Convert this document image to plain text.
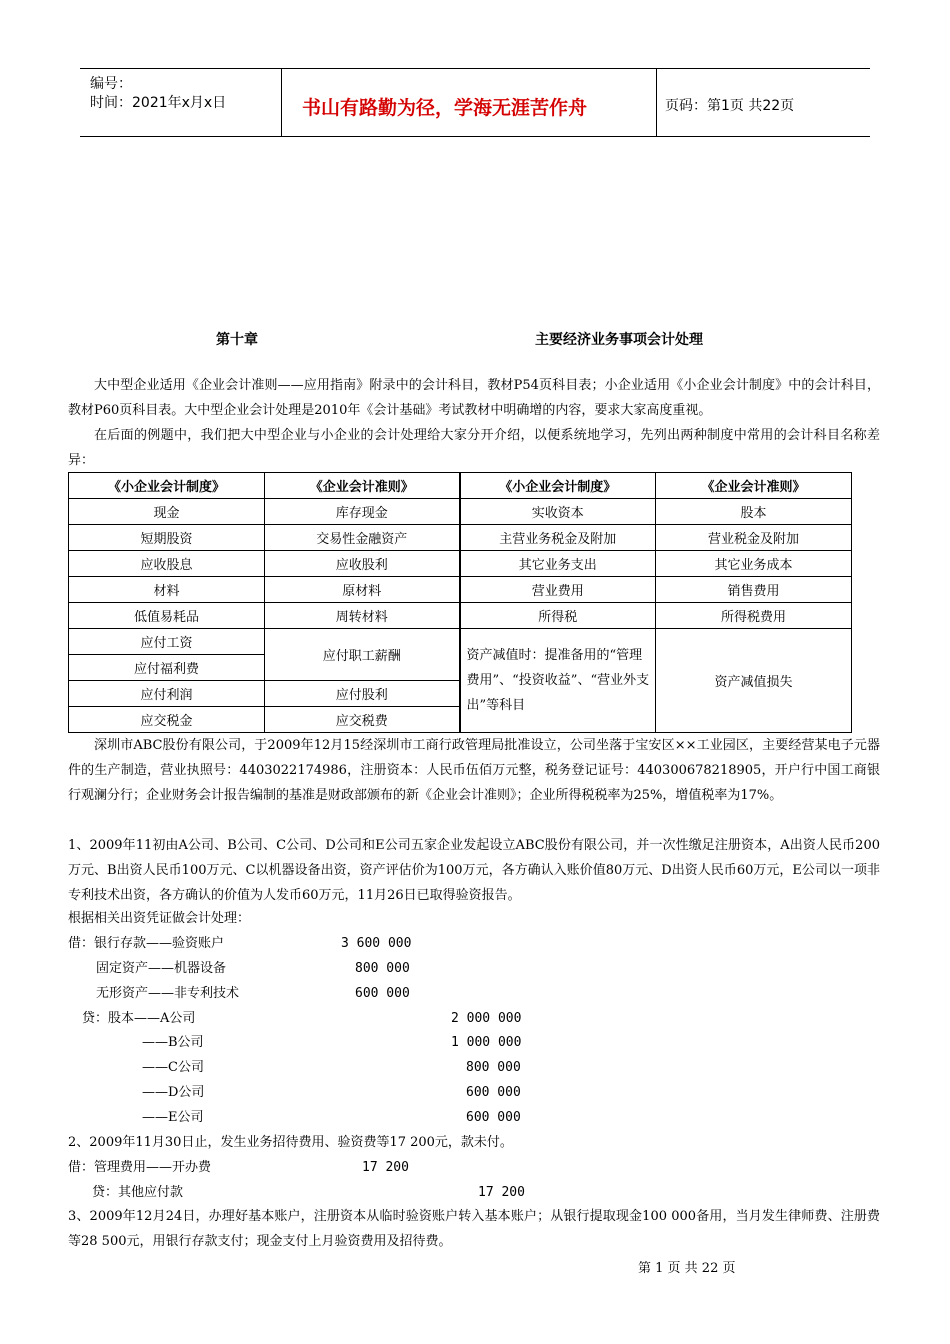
编号：
时间：2021年x月x日	书山有路勤为径，学海无涯苦作舟	页码：第1页 共22页
第十章	主要经济业务事项会计处理

大中型企业适用《企业会计准则——应用指南》附录中的会计科目，教材P54页科目表；小企业适用《小企业会计制度》中的会计科目，教材P60页科目表。大中型企业会计处理是2010年《会计基础》考试教材中明确增的内容，要求大家高度重视。

在后面的例题中，我们把大中型企业与小企业的会计处理给大家分开介绍，以便系统地学习，先列出两种制度中常用的会计科目名称差异：

《小企业会计制度》	《企业会计准则》	《小企业会计制度》	《企业会计准则》
现金	库存现金	实收资本	股本
短期股资	交易性金融资产	主营业务税金及附加	营业税金及附加
应收股息	应收股利	其它业务支出	其它业务成本
材料	原材料	营业费用	销售费用
低值易耗品	周转材料	所得税	所得税费用
应付工资	应付职工薪酬	资产减值时：提准备用的“管理费用”、“投资收益”、“营业外支出”等科目	资产减值损失
应付福利费			
应付利润	应付股利		
应交税金	应交税费		

深圳市ABC股份有限公司，于2009年12月15经深圳市工商行政管理局批准设立，公司坐落于宝安区××工业园区，主要经营某电子元器件的生产制造，营业执照号：4403022174986，注册资本：人民币伍佰万元整，税务登记证号：440300678218905，开户行中国工商银行观澜分行；企业财务会计报告编制的基准是财政部颁布的新《企业会计准则》；企业所得税税率为25%，增值税率为17%。

1、2009年11初由A公司、B公司、C公司、D公司和E公司五家企业发起设立ABC股份有限公司，并一次性缴足注册资本，A出资人民币200万元、B出资人民币100万元、C以机器设备出资，资产评估价为100万元，各方确认入账价值80万元、D出资人民币60万元，E公司以一项非专利技术出资，各方确认的价值为人发币60万元，11月26日已取得验资报告。

根据相关出资凭证做会计处理：
借：银行存款——验资账户	3 600 000
固定资产——机器设备	800 000
无形资产——非专利技术	600 000
贷：股本——A公司	2 000 000
——B公司	1 000 000
——C公司	800 000
——D公司	600 000
——E公司	600 000
2、2009年11月30日止，发生业务招待费用、验资费等17 200元，款未付。
借：管理费用——开办费	17 200
贷：其他应付款	17 200

3、2009年12月24日，办理好基本账户，注册资本从临时验资账户转入基本账户；从银行提取现金100 000备用，当月发生律师费、注册费等28 500元，用银行存款支付；现金支付上月验资费用及招待费。

第 1 页 共 22 页
